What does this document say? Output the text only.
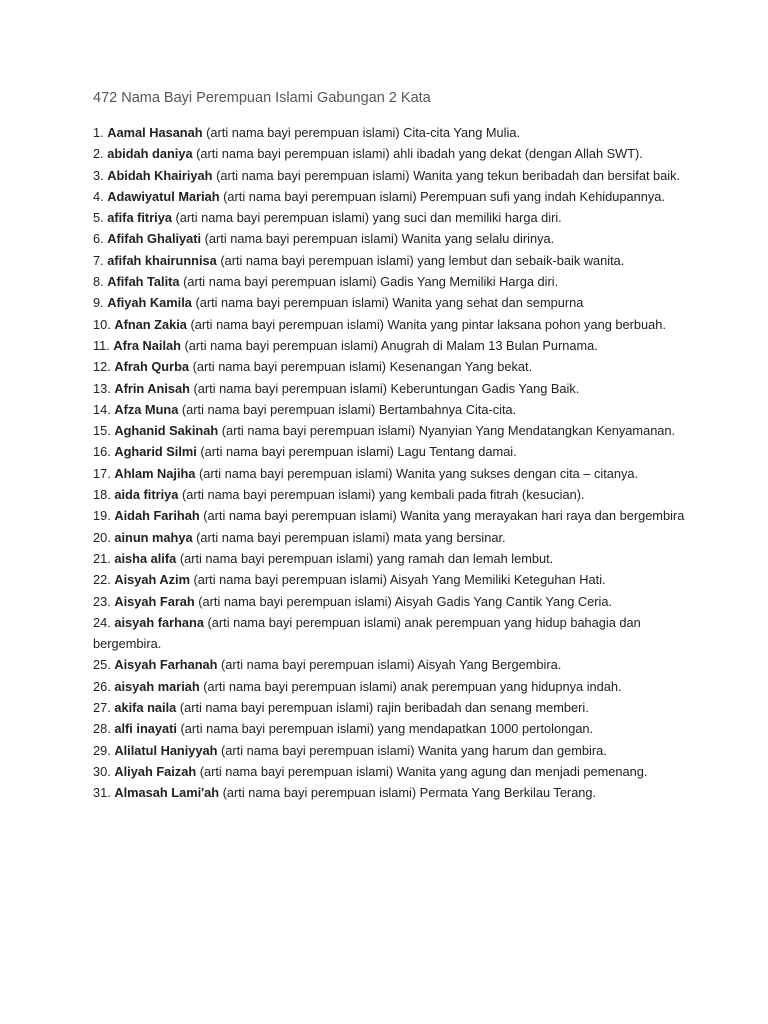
472 Nama Bayi Perempuan Islami Gabungan 2 Kata
1. Aamal Hasanah (arti nama bayi perempuan islami) Cita-cita Yang Mulia.
2. abidah daniya (arti nama bayi perempuan islami) ahli ibadah yang dekat (dengan Allah SWT).
3. Abidah Khairiyah (arti nama bayi perempuan islami) Wanita yang tekun beribadah dan bersifat baik.
4. Adawiyatul Mariah (arti nama bayi perempuan islami) Perempuan sufi yang indah Kehidupannya.
5. afifa fitriya (arti nama bayi perempuan islami) yang suci dan memiliki harga diri.
6. Afifah Ghaliyati (arti nama bayi perempuan islami) Wanita yang selalu dirinya.
7. afifah khairunnisa (arti nama bayi perempuan islami) yang lembut dan sebaik-baik wanita.
8. Afifah Talita (arti nama bayi perempuan islami) Gadis Yang Memiliki Harga diri.
9. Afiyah Kamila (arti nama bayi perempuan islami) Wanita yang sehat dan sempurna
10. Afnan Zakia (arti nama bayi perempuan islami) Wanita yang pintar laksana pohon yang berbuah.
11. Afra Nailah (arti nama bayi perempuan islami) Anugrah di Malam 13 Bulan Purnama.
12. Afrah Qurba (arti nama bayi perempuan islami) Kesenangan Yang bekat.
13. Afrin Anisah (arti nama bayi perempuan islami) Keberuntungan Gadis Yang Baik.
14. Afza Muna (arti nama bayi perempuan islami) Bertambahnya Cita-cita.
15. Aghanid Sakinah (arti nama bayi perempuan islami) Nyanyian Yang Mendatangkan Kenyamanan.
16. Agharid Silmi (arti nama bayi perempuan islami) Lagu Tentang damai.
17. Ahlam Najiha (arti nama bayi perempuan islami) Wanita yang sukses dengan cita – citanya.
18. aida fitriya (arti nama bayi perempuan islami) yang kembali pada fitrah (kesucian).
19. Aidah Farihah (arti nama bayi perempuan islami) Wanita yang merayakan hari raya dan bergembira
20. ainun mahya (arti nama bayi perempuan islami) mata yang bersinar.
21. aisha alifa (arti nama bayi perempuan islami) yang ramah dan lemah lembut.
22. Aisyah Azim (arti nama bayi perempuan islami) Aisyah Yang Memiliki Keteguhan Hati.
23. Aisyah Farah (arti nama bayi perempuan islami) Aisyah Gadis Yang Cantik Yang Ceria.
24. aisyah farhana (arti nama bayi perempuan islami) anak perempuan yang hidup bahagia dan bergembira.
25. Aisyah Farhanah (arti nama bayi perempuan islami) Aisyah Yang Bergembira.
26. aisyah mariah (arti nama bayi perempuan islami) anak perempuan yang hidupnya indah.
27. akifa naila (arti nama bayi perempuan islami) rajin beribadah dan senang memberi.
28. alfi inayati (arti nama bayi perempuan islami) yang mendapatkan 1000 pertolongan.
29. Alilatul Haniyyah (arti nama bayi perempuan islami) Wanita yang harum dan gembira.
30. Aliyah Faizah (arti nama bayi perempuan islami) Wanita yang agung dan menjadi pemenang.
31. Almasah Lami'ah (arti nama bayi perempuan islami) Permata Yang Berkilau Terang.
